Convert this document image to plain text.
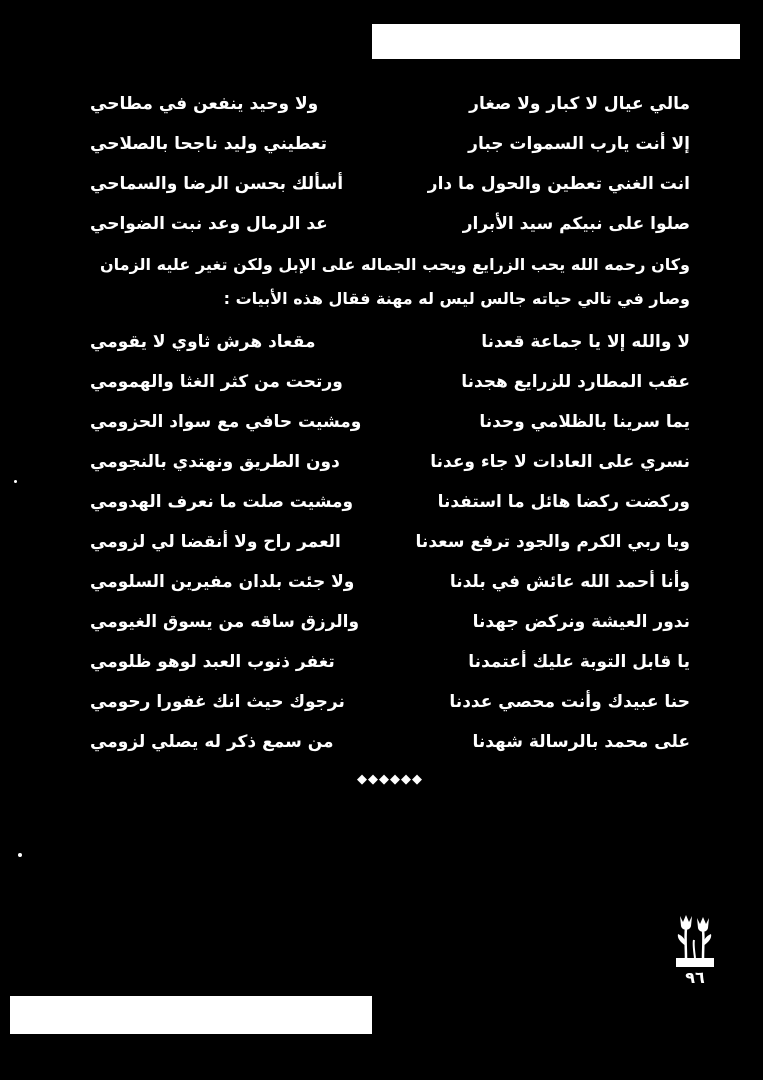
مالي عيال لا كبار ولا صغار
ولا وحيد ينفعن في مطاحي
إلا أنت يارب السموات جبار
تعطيني وليد ناجحا بالصلاحي
انت الغني تعطين والحول ما دار
أسألك بحسن الرضا والسماحي
صلوا على نبيكم سيد الأبرار
عد الرمال وعد نبت الضواحي
وكان رحمه الله يحب الزرايع ويحب الجماله على الإبل ولكن تغير عليه الزمان وصار في تالي حياته جالس ليس له مهنة فقال هذه الأبيات :
لا والله إلا يا جماعة قعدنا
مقعاد هرش ثاوي لا يقومي
عقب المطارد للزرايع هجدنا
ورتحت من كثر الغثا والهمومي
يما سرينا بالظلامي وحدنا
ومشيت حافي مع سواد الحزومي
نسري على العادات لا جاء وعدنا
دون الطريق ونهتدي بالنجومي
وركضت ركضا هائل ما استفدنا
ومشيت صلت ما نعرف الهدومي
ويا ربي الكرم والجود ترفع سعدنا
العمر راح ولا أنقضا لي لزومي
وأنا أحمد الله عائش في بلدنا
ولا جئت بلدان مفيرين السلومي
ندور العيشة ونركض جهدنا
والرزق ساقه من يسوق الغيومي
يا قابل التوبة عليك أعتمدنا
تغفر ذنوب العبد لوهو ظلومي
حنا عبيدك وأنت محصي عددنا
نرجوك حيث انك غفورا رحومي
على محمد بالرسالة شهدنا
من سمع ذكر له يصلي لزومي
◆◆◆◆◆◆
٩٦
